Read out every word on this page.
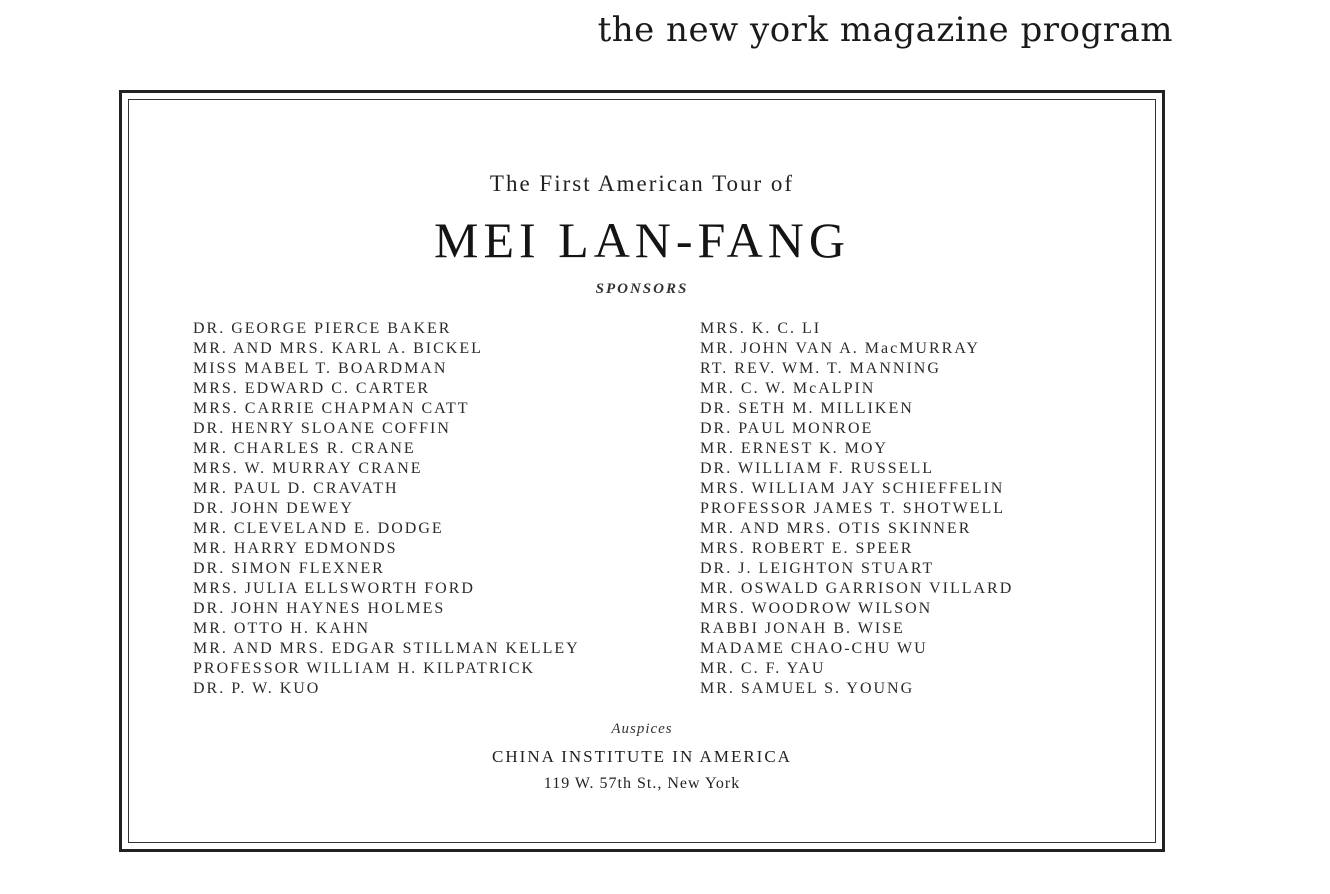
the new york magazine program
The First American Tour of
MEI LAN-FANG
SPONSORS
DR. GEORGE PIERCE BAKER
MR. AND MRS. KARL A. BICKEL
MISS MABEL T. BOARDMAN
MRS. EDWARD C. CARTER
MRS. CARRIE CHAPMAN CATT
DR. HENRY SLOANE COFFIN
MR. CHARLES R. CRANE
MRS. W. MURRAY CRANE
MR. PAUL D. CRAVATH
DR. JOHN DEWEY
MR. CLEVELAND E. DODGE
MR. HARRY EDMONDS
DR. SIMON FLEXNER
MRS. JULIA ELLSWORTH FORD
DR. JOHN HAYNES HOLMES
MR. OTTO H. KAHN
MR. AND MRS. EDGAR STILLMAN KELLEY
PROFESSOR WILLIAM H. KILPATRICK
DR. P. W. KUO
MRS. K. C. LI
MR. JOHN VAN A. MacMURRAY
RT. REV. WM. T. MANNING
MR. C. W. McALPIN
DR. SETH M. MILLIKEN
DR. PAUL MONROE
MR. ERNEST K. MOY
DR. WILLIAM F. RUSSELL
MRS. WILLIAM JAY SCHIEFFELIN
PROFESSOR JAMES T. SHOTWELL
MR. AND MRS. OTIS SKINNER
MRS. ROBERT E. SPEER
DR. J. LEIGHTON STUART
MR. OSWALD GARRISON VILLARD
MRS. WOODROW WILSON
RABBI JONAH B. WISE
MADAME CHAO-CHU WU
MR. C. F. YAU
MR. SAMUEL S. YOUNG
Auspices
CHINA INSTITUTE IN AMERICA
119 W. 57th St., New York
